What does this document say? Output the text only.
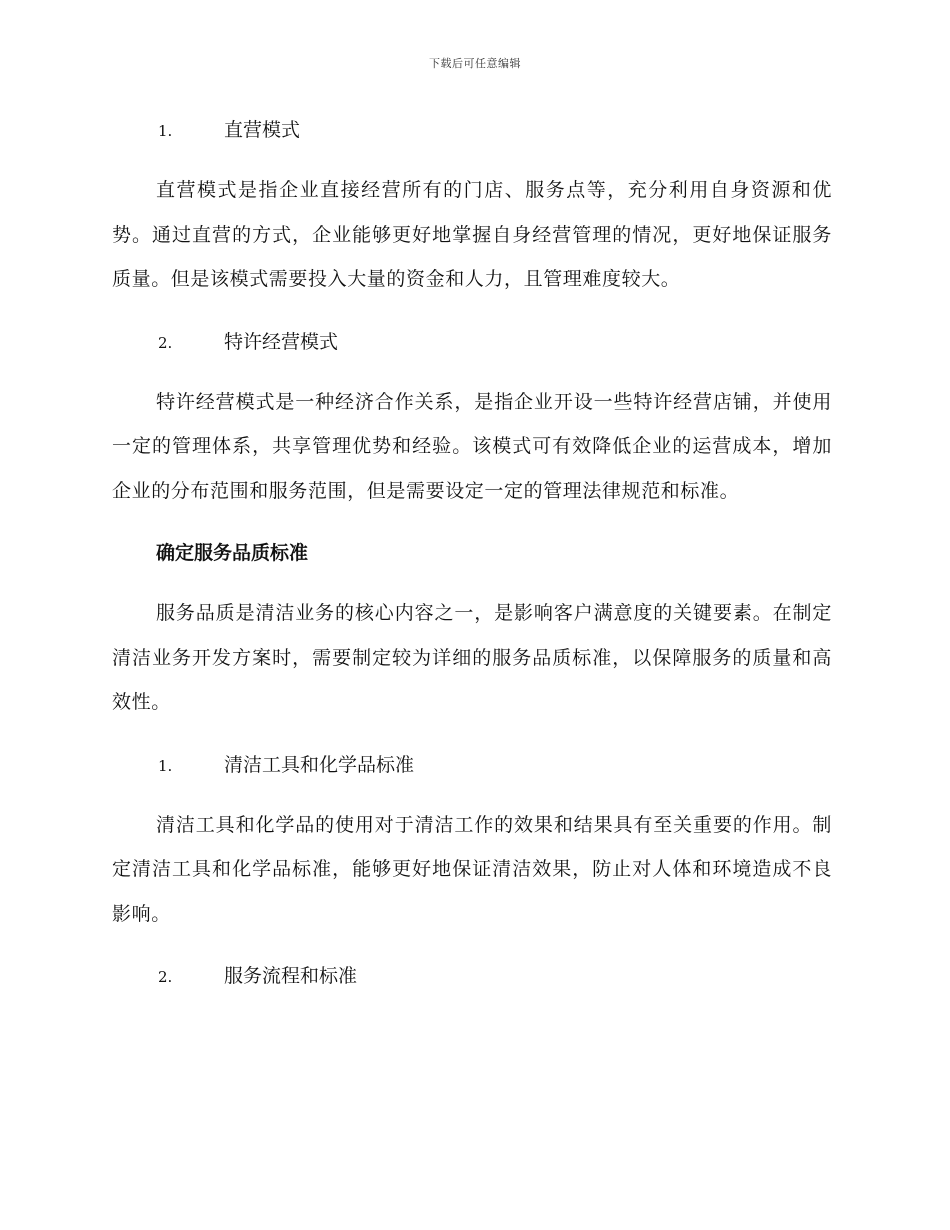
下载后可任意编辑
1.	直营模式

直营模式是指企业直接经营所有的门店、服务点等，充分利用自身资源和优势。通过直营的方式，企业能够更好地掌握自身经营管理的情况，更好地保证服务质量。但是该模式需要投入大量的资金和人力，且管理难度较大。

2.	特许经营模式

特许经营模式是一种经济合作关系，是指企业开设一些特许经营店铺，并使用一定的管理体系，共享管理优势和经验。该模式可有效降低企业的运营成本，增加企业的分布范围和服务范围，但是需要设定一定的管理法律规范和标准。

确定服务品质标准

服务品质是清洁业务的核心内容之一，是影响客户满意度的关键要素。在制定清洁业务开发方案时，需要制定较为详细的服务品质标准，以保障服务的质量和高效性。

1.	清洁工具和化学品标准

清洁工具和化学品的使用对于清洁工作的效果和结果具有至关重要的作用。制定清洁工具和化学品标准，能够更好地保证清洁效果，防止对人体和环境造成不良影响。

2.	服务流程和标准
